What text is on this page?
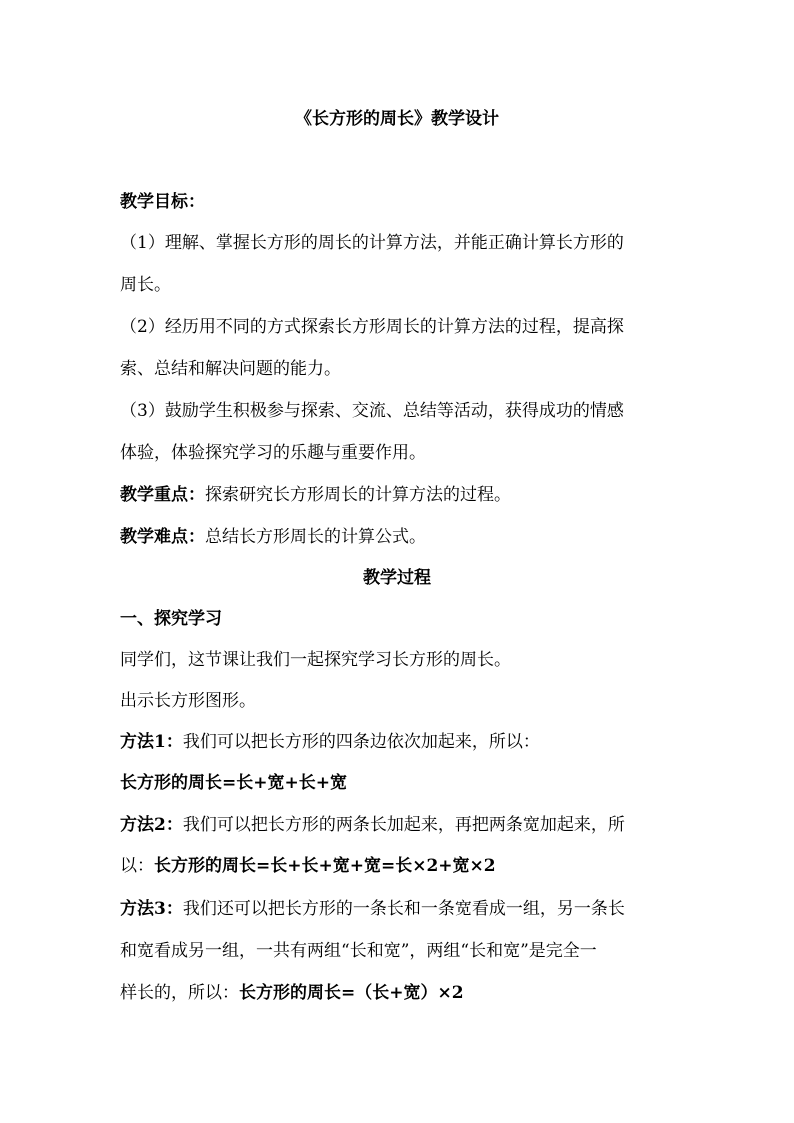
《长方形的周长》教学设计
教学目标：
（1）理解、掌握长方形的周长的计算方法，并能正确计算长方形的
周长。
（2）经历用不同的方式探索长方形周长的计算方法的过程，提高探
索、总结和解决问题的能力。
（3）鼓励学生积极参与探索、交流、总结等活动，获得成功的情感
体验，体验探究学习的乐趣与重要作用。
教学重点：探索研究长方形周长的计算方法的过程。
教学难点：总结长方形周长的计算公式。
教学过程
一、探究学习
同学们，这节课让我们一起探究学习长方形的周长。
出示长方形图形。
方法1：我们可以把长方形的四条边依次加起来，所以：
长方形的周长=长+宽+长+宽
方法2：我们可以把长方形的两条长加起来，再把两条宽加起来，所
以：长方形的周长=长+长+宽+宽=长×2+宽×2
方法3：我们还可以把长方形的一条长和一条宽看成一组，另一条长
和宽看成另一组，一共有两组“长和宽”，两组“长和宽”是完全一
样长的，所以：长方形的周长=（长+宽）×2
